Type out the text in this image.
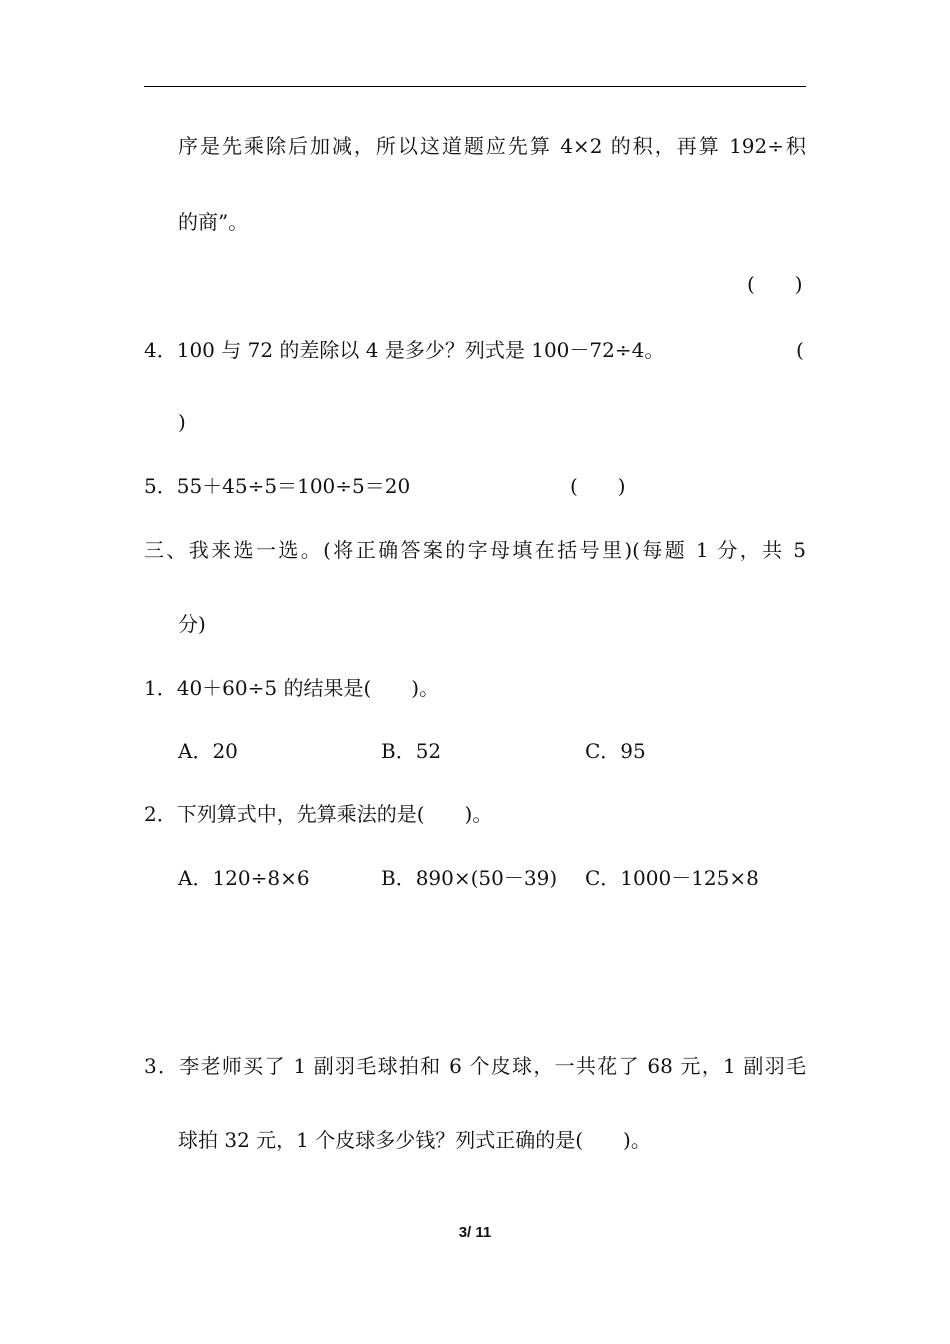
序是先乘除后加减，所以这道题应先算 4×2 的积，再算 192÷积
的商”。
(　　)
4．100 与 72 的差除以 4 是多少？列式是 100－72÷4。	(
)
5．55＋45÷5＝100÷5＝20	(　　)
三、我来选一选。(将正确答案的字母填在括号里)(每题 1 分，共 5
分)
1．40＋60÷5 的结果是(　　)。
A．20	B．52	C．95
2．下列算式中，先算乘法的是(　　)。
A．120÷8×6	B．890×(50－39) C．1000－125×8
3．李老师买了 1 副羽毛球拍和 6 个皮球，一共花了 68 元，1 副羽毛
球拍 32 元，1 个皮球多少钱？列式正确的是(　　)。
3/ 11
